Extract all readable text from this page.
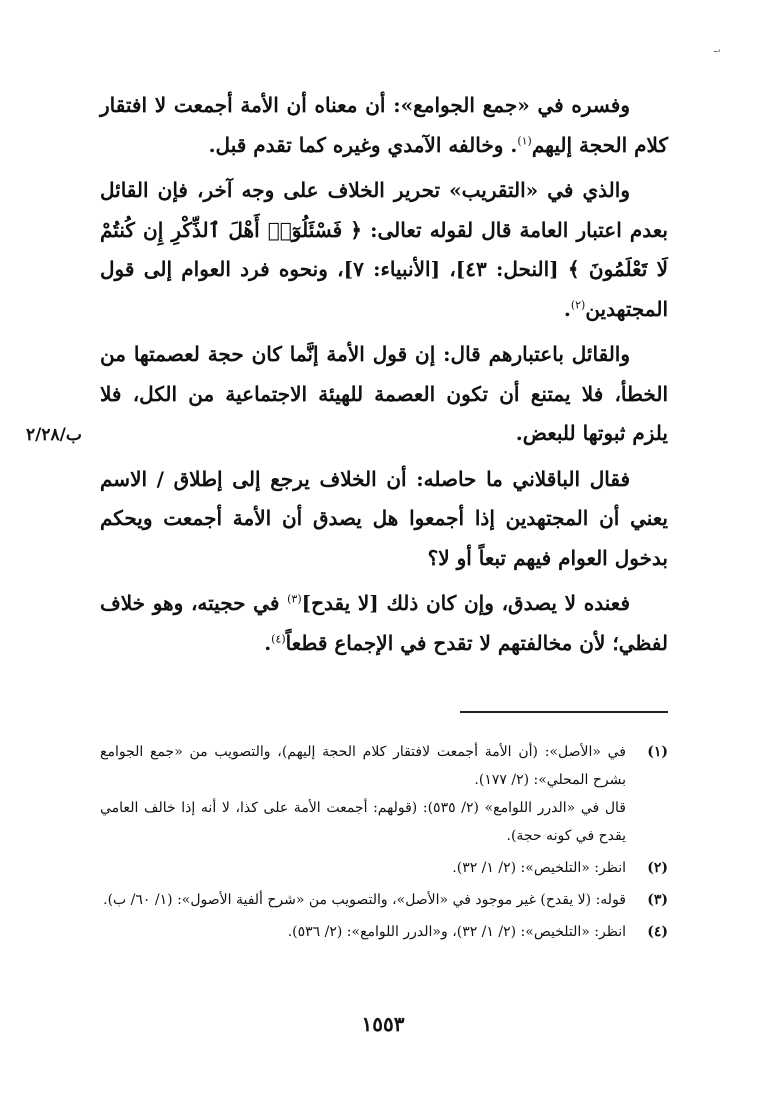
ـ،
ب/٢/٢٨

وفسره في «جمع الجوامع»: أن معناه أن الأمة أجمعت لا افتقار كلام الحجة إليهم$^{(١)}$. وخالفه الآمدي وغيره كما تقدم قبل.

والذي في «التقريب» تحرير الخلاف على وجه آخر، فإن القائل بعدم اعتبار العامة قال لقوله تعالى: ﴿ فَسْئَلُوٓا۟ أَهْلَ ٱلذِّكْرِ إِن كُنتُمْ لَا تَعْلَمُونَ ﴾ [النحل: ٤٣]، [الأنبياء: ٧]، ونحوه فرد العوام إلى قول المجتهدين$^{(٢)}$.

والقائل باعتبارهم قال: إن قول الأمة إنَّما كان حجة لعصمتها من الخطأ، فلا يمتنع أن تكون العصمة للهيئة الاجتماعية من الكل، فلا يلزم ثبوتها للبعض.

فقال الباقلاني ما حاصله: أن الخلاف يرجع إلى إطلاق / الاسم يعني أن المجتهدين إذا أجمعوا هل يصدق أن الأمة أجمعت ويحكم بدخول العوام فيهم تبعاً أو لا؟

فعنده لا يصدق، وإن كان ذلك [لا يقدح]$^{(٣)}$ في حجيته، وهو خلاف لفظي؛ لأن مخالفتهم لا تقدح في الإجماع قطعاً$^{(٤)}$.

(١)
في «الأصل»: (أن الأمة أجمعت لافتقار كلام الحجة إليهم)، والتصويب من «جمع الجوامع بشرح المحلي»: (٢/ ١٧٧).
قال في «الدرر اللوامع» (٢/ ٥٣٥): (قولهم: أجمعت الأمة على كذا، لا أنه إذا خالف العامي يقدح في كونه حجة).
(٢)
انظر: «التلخيص»: (٢/ ١/ ٣٢).
(٣)
قوله: (لا يقدح) غير موجود في «الأصل»، والتصويب من «شرح ألفية الأصول»: (١/ ٦٠/ ب).
(٤)
انظر: «التلخيص»: (٢/ ١/ ٣٢)، و«الدرر اللوامع»: (٢/ ٥٣٦).
١٥٥٣
